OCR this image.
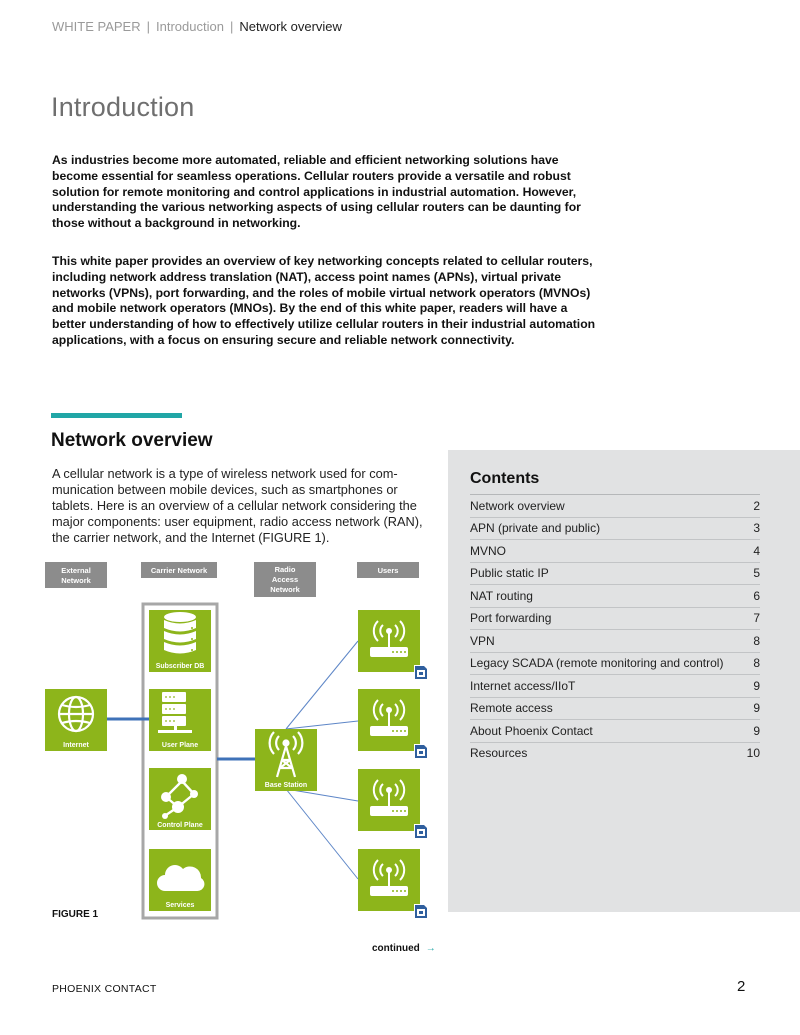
WHITE PAPER | Introduction | Network overview
Introduction

As industries become more automated, reliable and efficient networking solutions have become essential for seamless operations. Cellular routers provide a versatile and robust solution for remote monitoring and control applications in industrial automation. However, understanding the various networking aspects of using cellular routers can be daunting for those without a background in networking.

This white paper provides an overview of key networking concepts related to cellular routers, including network address translation (NAT), access point names (APNs), virtual private networks (VPNs), port forwarding, and the roles of mobile virtual network operators (MVNOs) and mobile network operators (MNOs). By the end of this white paper, readers will have a better understanding of how to effectively utilize cellular routers in their industrial automation applications, with a focus on ensuring secure and reliable network connectivity.

Network overview

A cellular network is a type of wireless network used for com-munication between mobile devices, such as smartphones or tablets. Here is an overview of a cellular network considering the major components: user equipment, radio access network (RAN), the carrier network, and the Internet (FIGURE 1).

External Network
Carrier Network	Radio Access Network
Users
Internet
Subscriber DB
User Plane
Control Plane
Services
Base Station
FIGURE 1
continued →
Contents
Network overview	2
APN (private and public)	3
MVNO	4
Public static IP	5
NAT routing	6
Port forwarding	7
VPN	8
Legacy SCADA (remote monitoring and control) 8
Internet access/IIoT	9
Remote access	9
About Phoenix Contact	9
Resources	10
PHOENIX CONTACT	2
